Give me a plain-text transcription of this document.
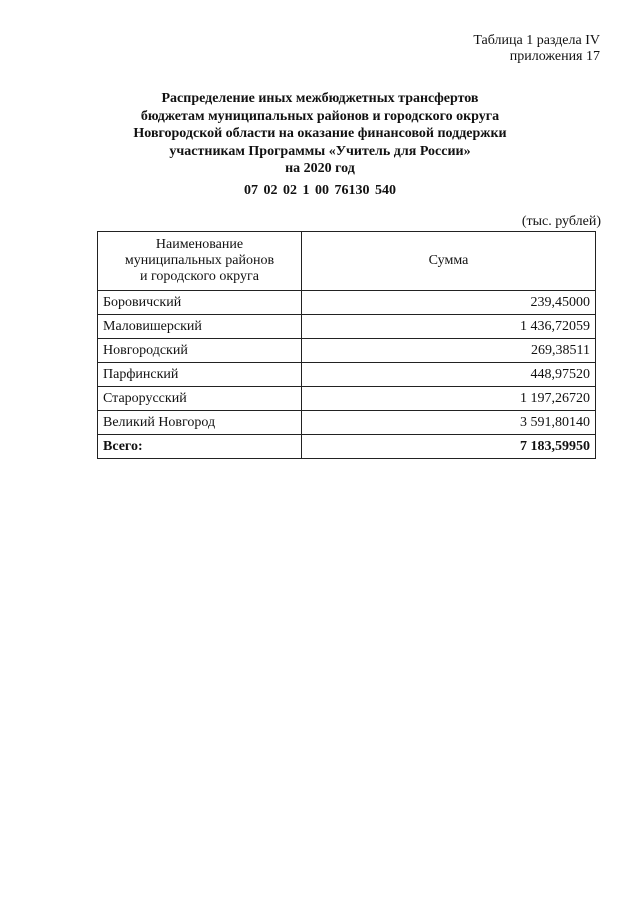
Таблица 1 раздела IV
приложения 17
Распределение иных межбюджетных трансфертов
бюджетам муниципальных районов и городского округа
Новгородской области на оказание финансовой поддержки
участникам Программы «Учитель для России»
на 2020 год
07 02 02 1 00 76130 540
(тыс. рублей)
Наименование
муниципальных районов
и городского округа	Сумма
Боровичский	239,45000
Маловишерский	1 436,72059
Новгородский	269,38511
Парфинский	448,97520
Старорусский	1 197,26720
Великий Новгород	3 591,80140
Всего:	7 183,59950
